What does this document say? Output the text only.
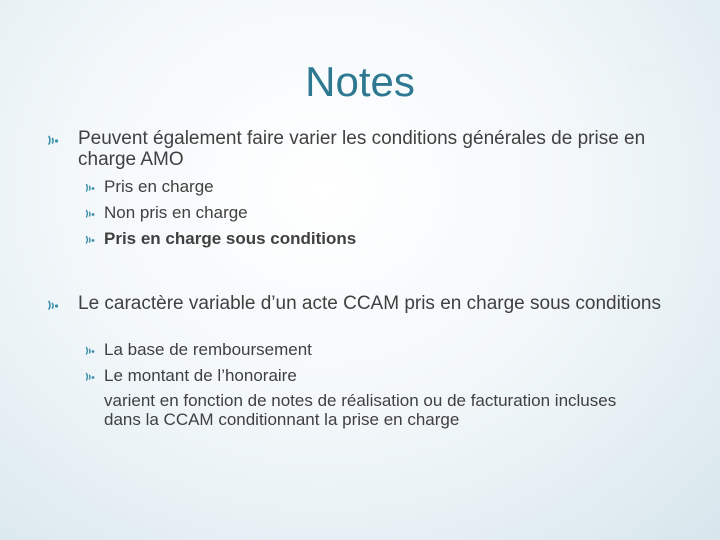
Page 2
Notes
Peuvent également faire varier les conditions générales de prise en charge AMO
Pris en charge
Non pris en charge
Pris en charge sous conditions
Le caractère variable d’un acte CCAM pris en charge sous conditions
La base de remboursement
Le montant de l’honoraire
varient en fonction de notes de réalisation ou de facturation incluses dans la CCAM conditionnant la prise en charge
